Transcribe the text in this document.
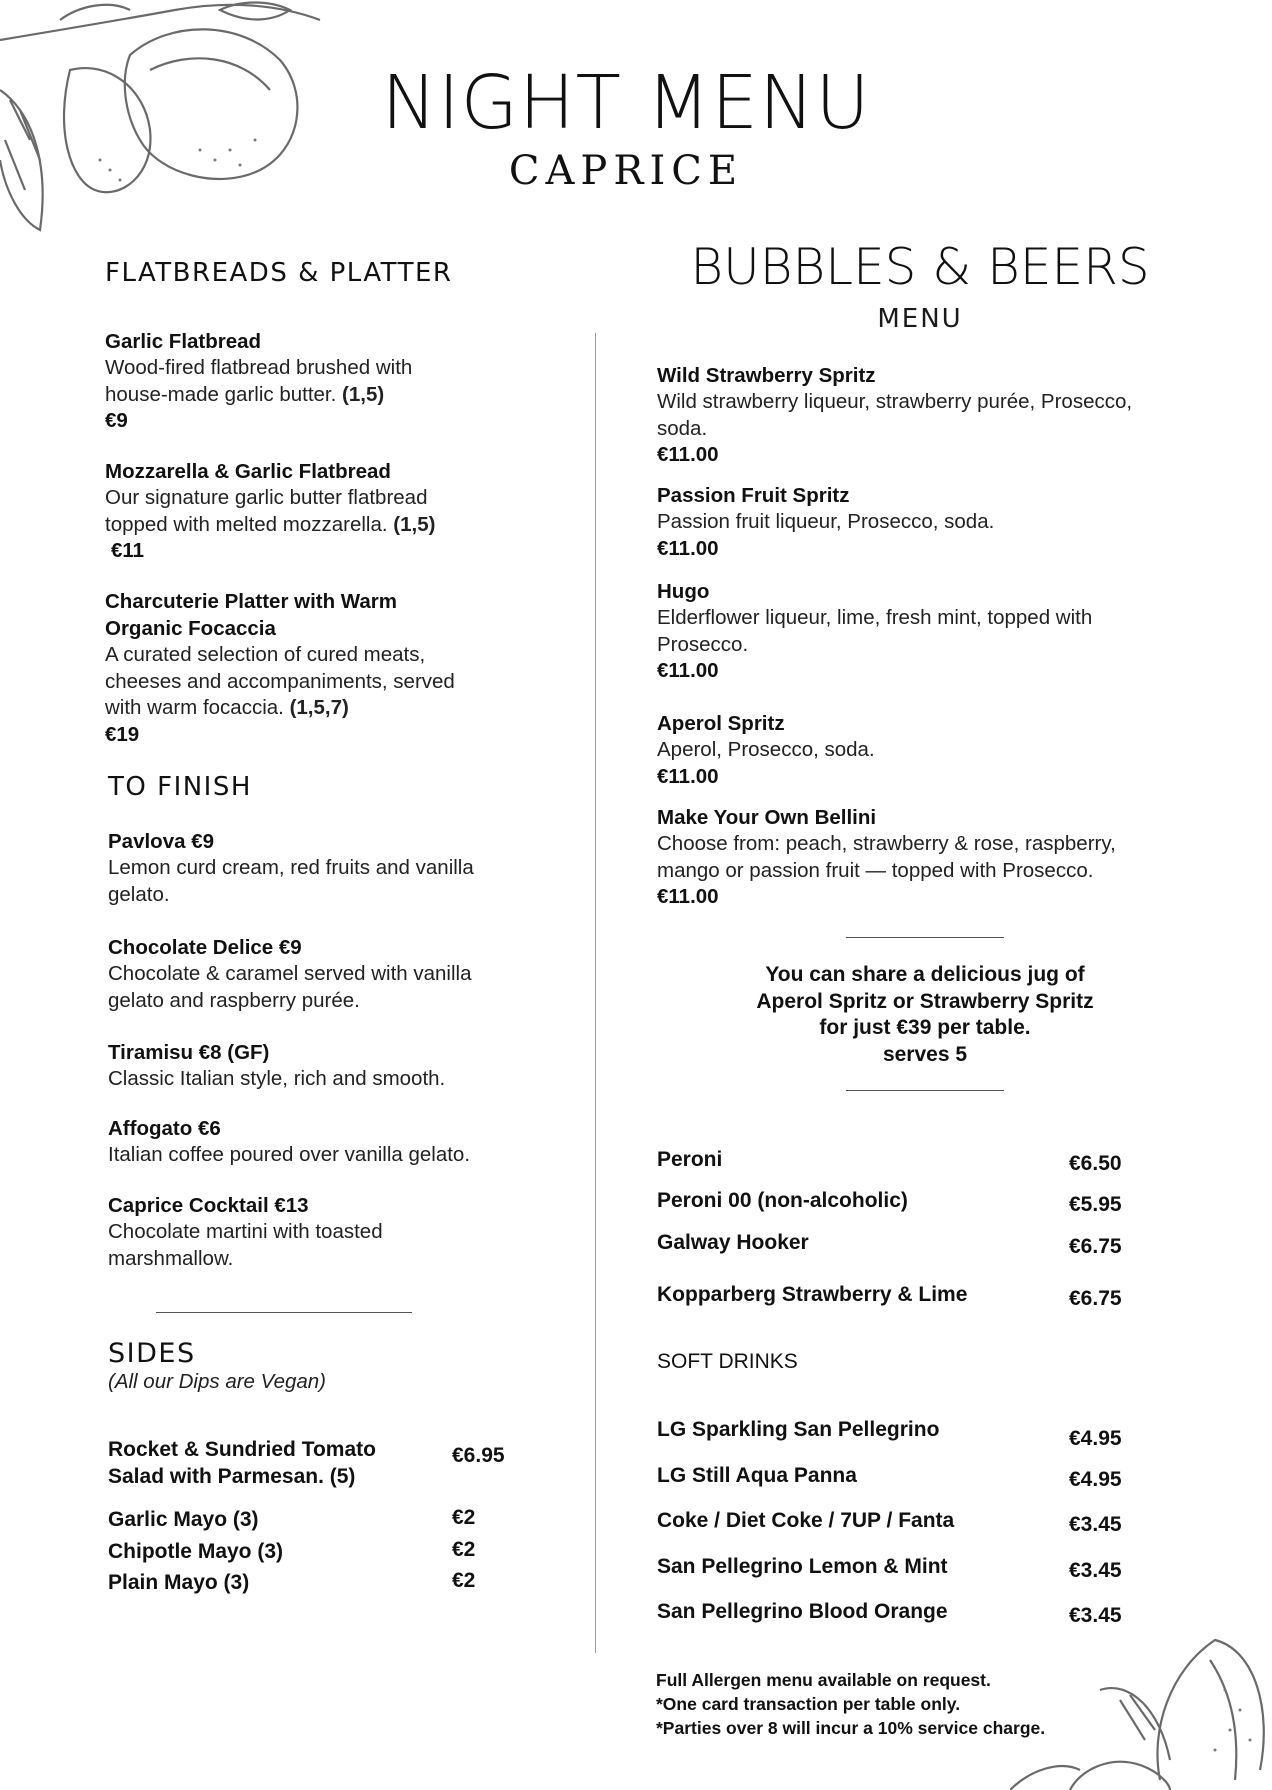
NIGHT MENU
CAPRICE
FLATBREADS & PLATTER
Garlic Flatbread
Wood-fired flatbread brushed with house-made garlic butter. (1,5)
€9
Mozzarella & Garlic Flatbread
Our signature garlic butter flatbread topped with melted mozzarella. (1,5)
€11
Charcuterie Platter with Warm Organic Focaccia
A curated selection of cured meats, cheeses and accompaniments, served with warm focaccia. (1,5,7)
€19
TO FINISH
Pavlova €9
Lemon curd cream, red fruits and vanilla gelato.
Chocolate Delice €9
Chocolate & caramel served with vanilla gelato and raspberry purée.
Tiramisu €8 (GF)
Classic Italian style, rich and smooth.
Affogato €6
Italian coffee poured over vanilla gelato.
Caprice Cocktail €13
Chocolate martini with toasted marshmallow.
SIDES
(All our Dips are Vegan)
Rocket & Sundried Tomato Salad with Parmesan. (5)
€6.95
Garlic Mayo (3)	€2
Chipotle Mayo (3)	€2
Plain Mayo (3)	€2
BUBBLES & BEERS
MENU
Wild Strawberry Spritz
Wild strawberry liqueur, strawberry purée, Prosecco, soda.
€11.00
Passion Fruit Spritz
Passion fruit liqueur, Prosecco, soda.
€11.00
Hugo
Elderflower liqueur, lime, fresh mint, topped with Prosecco.
€11.00
Aperol Spritz
Aperol, Prosecco, soda.
€11.00
Make Your Own Bellini
Choose from: peach, strawberry & rose, raspberry, mango or passion fruit — topped with Prosecco.
€11.00
You can share a delicious jug of
Aperol Spritz or Strawberry Spritz
for just €39 per table.
serves 5
Peroni	€6.50
Peroni 00 (non-alcoholic)	€5.95
Galway Hooker	€6.75
Kopparberg Strawberry & Lime	€6.75
SOFT DRINKS
LG Sparkling San Pellegrino	€4.95
LG Still Aqua Panna	€4.95
Coke / Diet Coke / 7UP / Fanta	€3.45
San Pellegrino Lemon & Mint	€3.45
San Pellegrino Blood Orange	€3.45
Full Allergen menu available on request.
*One card transaction per table only.
*Parties over 8 will incur a 10% service charge.
